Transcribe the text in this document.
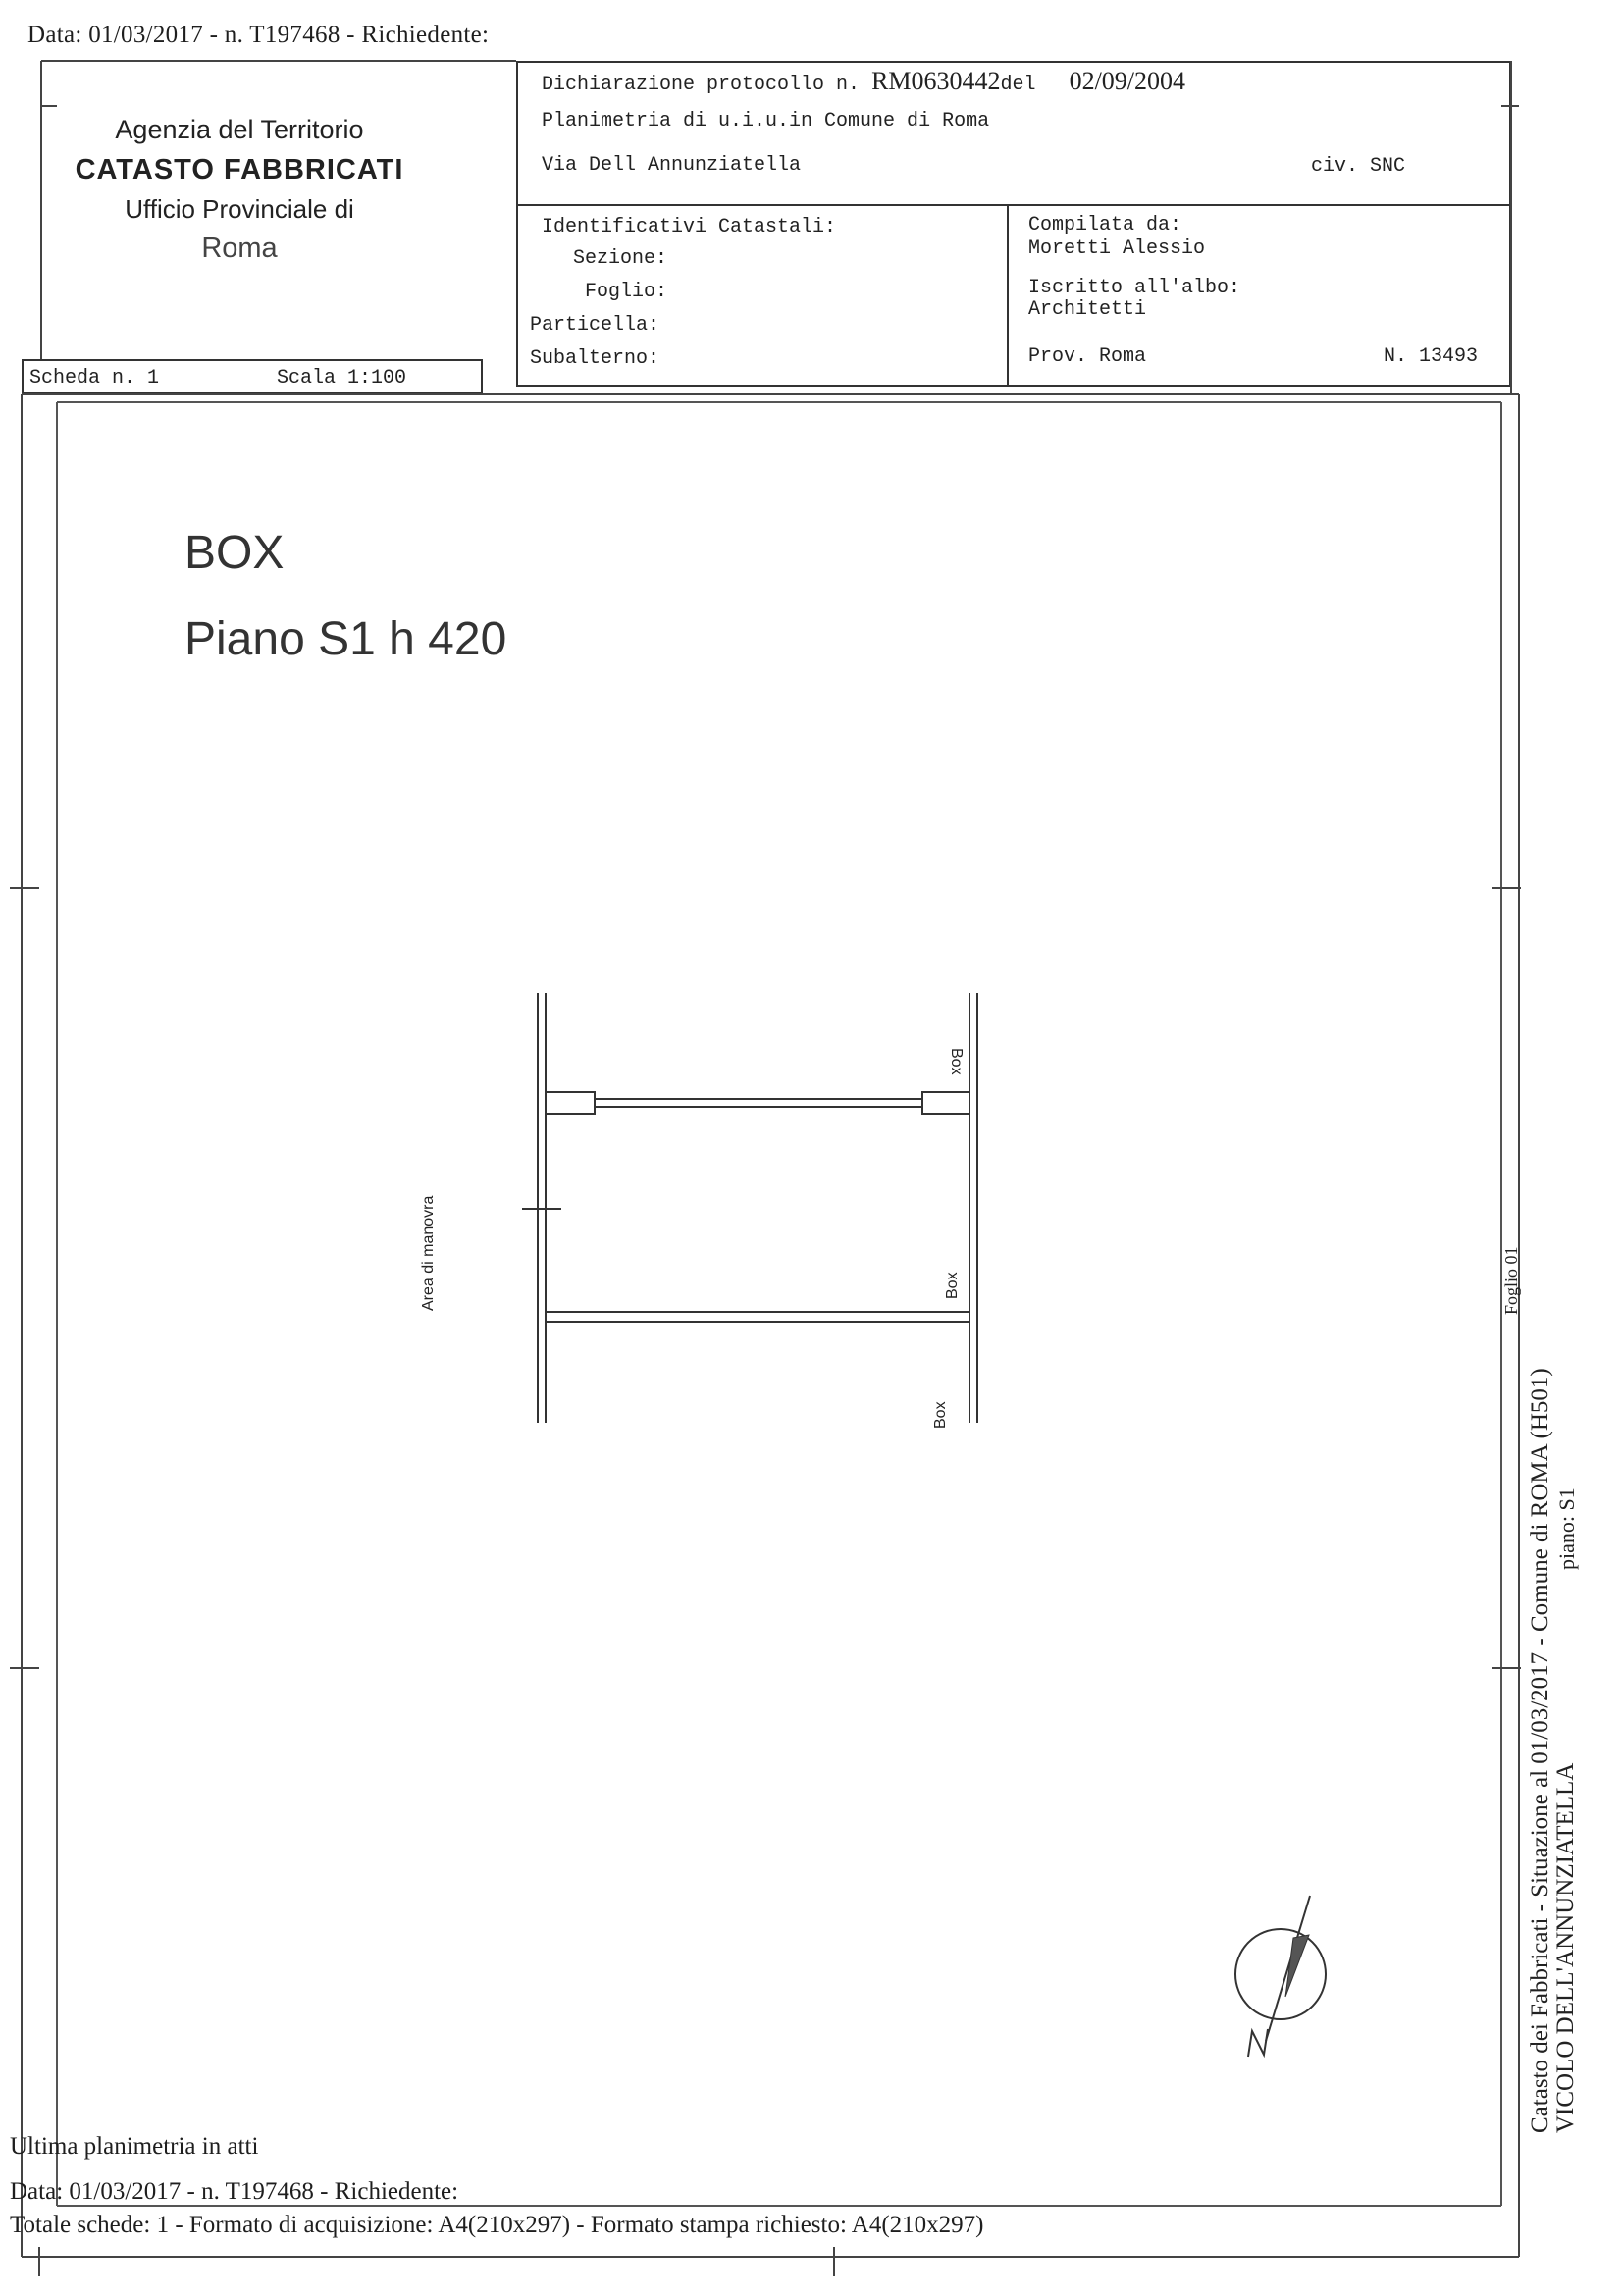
Data: 01/03/2017 - n. T197468 - Richiedente:
Agenzia del Territorio
CATASTO FABBRICATI
Ufficio Provinciale di
Roma
Dichiarazione protocollo n. RM0630442del 02/09/2004
Planimetria di u.i.u.in Comune di Roma
Via Dell Annunziatella	civ. SNC
Identificativi Catastali:
Sezione:
Foglio:
Particella:
Subalterno:
Compilata da:
Moretti Alessio
Iscritto all'albo:
Architetti
Prov. Roma	N. 13493
Scheda n. 1	Scala 1:100
BOX
Piano S1 h 420
Area di manovra
Box
Box
Box	Catasto dei Fabbricati - Situazione al 01/03/2017 - Comune di ROMA (H501) VICOLO DELL'ANNUNZIATELLA
piano: S1
Foglio 01
Ultima planimetria in atti
Data: 01/03/2017 - n. T197468 - Richiedente:
Totale schede: 1 - Formato di acquisizione: A4(210x297) - Formato stampa richiesto: A4(210x297)
